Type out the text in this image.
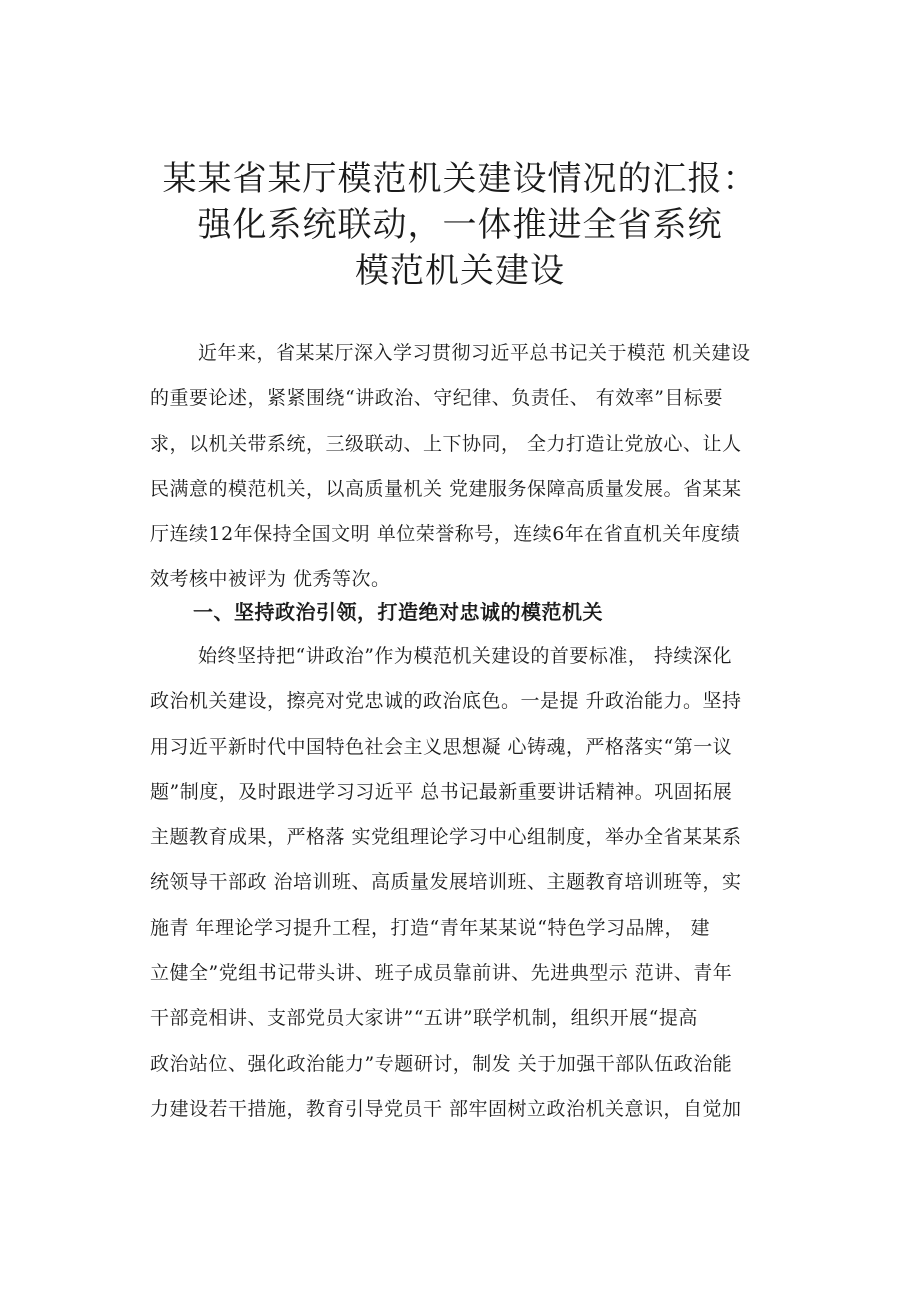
某某省某厅模范机关建设情况的汇报：
强化系统联动，一体推进全省系统
模范机关建设
近年来，省某某厅深入学习贯彻习近平总书记关于模范 机关建设
的重要论述，紧紧围绕“讲政治、守纪律、负责任、 有效率”目标要
求，以机关带系统，三级联动、上下协同， 全力打造让党放心、让人
民满意的模范机关，以高质量机关 党建服务保障高质量发展。省某某
厅连续12年保持全国文明 单位荣誉称号，连续6年在省直机关年度绩
效考核中被评为 优秀等次。
一、坚持政治引领，打造绝对忠诚的模范机关
始终坚持把“讲政治”作为模范机关建设的首要标准， 持续深化
政治机关建设，擦亮对党忠诚的政治底色。一是提 升政治能力。坚持
用习近平新时代中国特色社会主义思想凝 心铸魂，严格落实“第一议
题”制度，及时跟进学习习近平 总书记最新重要讲话精神。巩固拓展
主题教育成果，严格落 实党组理论学习中心组制度，举办全省某某系
统领导干部政 治培训班、高质量发展培训班、主题教育培训班等，实
施青 年理论学习提升工程，打造“青年某某说“特色学习品牌， 建
立健全”党组书记带头讲、班子成员靠前讲、先进典型示 范讲、青年
干部竞相讲、支部党员大家讲”“五讲”联学机制，组织开展“提高
政治站位、强化政治能力”专题研讨，制发 关于加强干部队伍政治能
力建设若干措施，教育引导党员干 部牢固树立政治机关意识，自觉加
